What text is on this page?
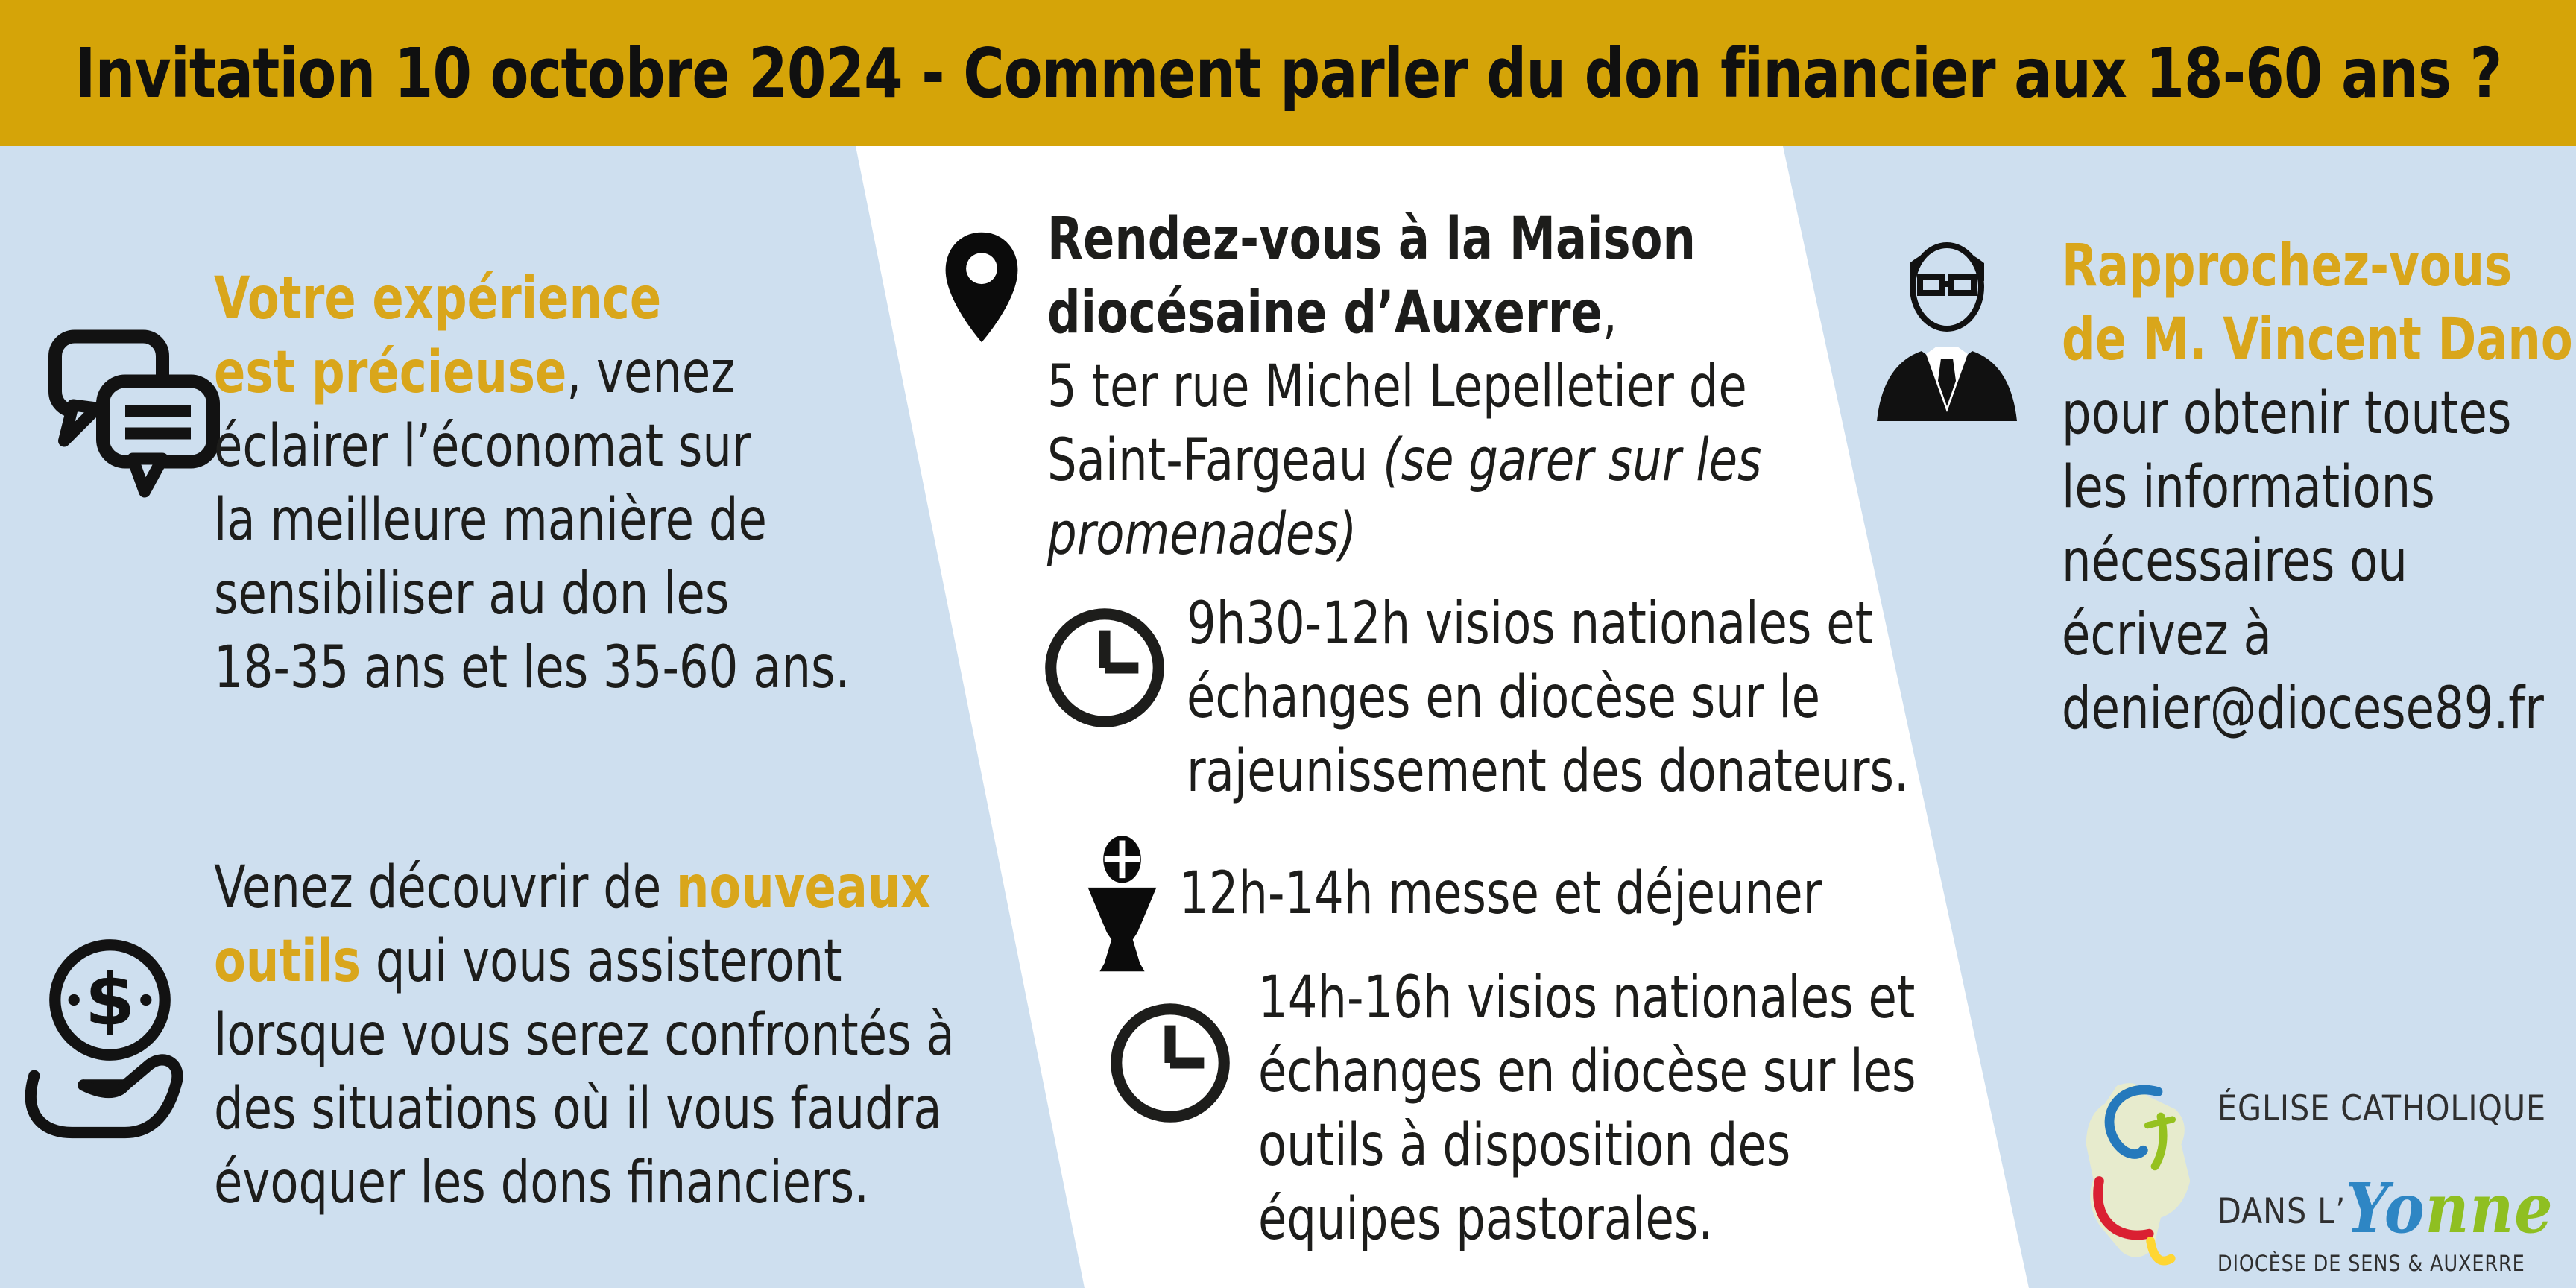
Invitation 10 octobre 2024 - Comment parler du don financier aux 18-60 ans ?
Votre expérience
est précieuse, venez
éclairer l’économat sur
la meilleure manière de
sensibiliser au don les
18-35 ans et les 35-60 ans.
$
Venez découvrir de nouveaux
outils qui vous assisteront
lorsque vous serez confrontés à
des situations où il vous faudra
évoquer les dons financiers.
Rendez-vous à la Maison
diocésaine d’Auxerre,
5 ter rue Michel Lepelletier de
Saint-Fargeau (se garer sur les
promenades)
9h30-12h visios nationales et
échanges en diocèse sur le
rajeunissement des donateurs.
12h-14h messe et déjeuner
14h-16h visios nationales et
échanges en diocèse sur les
outils à disposition des
équipes pastorales.
Rapprochez-vous
de M. Vincent Dano
pour obtenir toutes
les informations
nécessaires ou
écrivez à
denier@diocese89.fr
ÉGLISE CATHOLIQUE
DANS L’Yonne
DIOCÈSE DE SENS & AUXERRE
